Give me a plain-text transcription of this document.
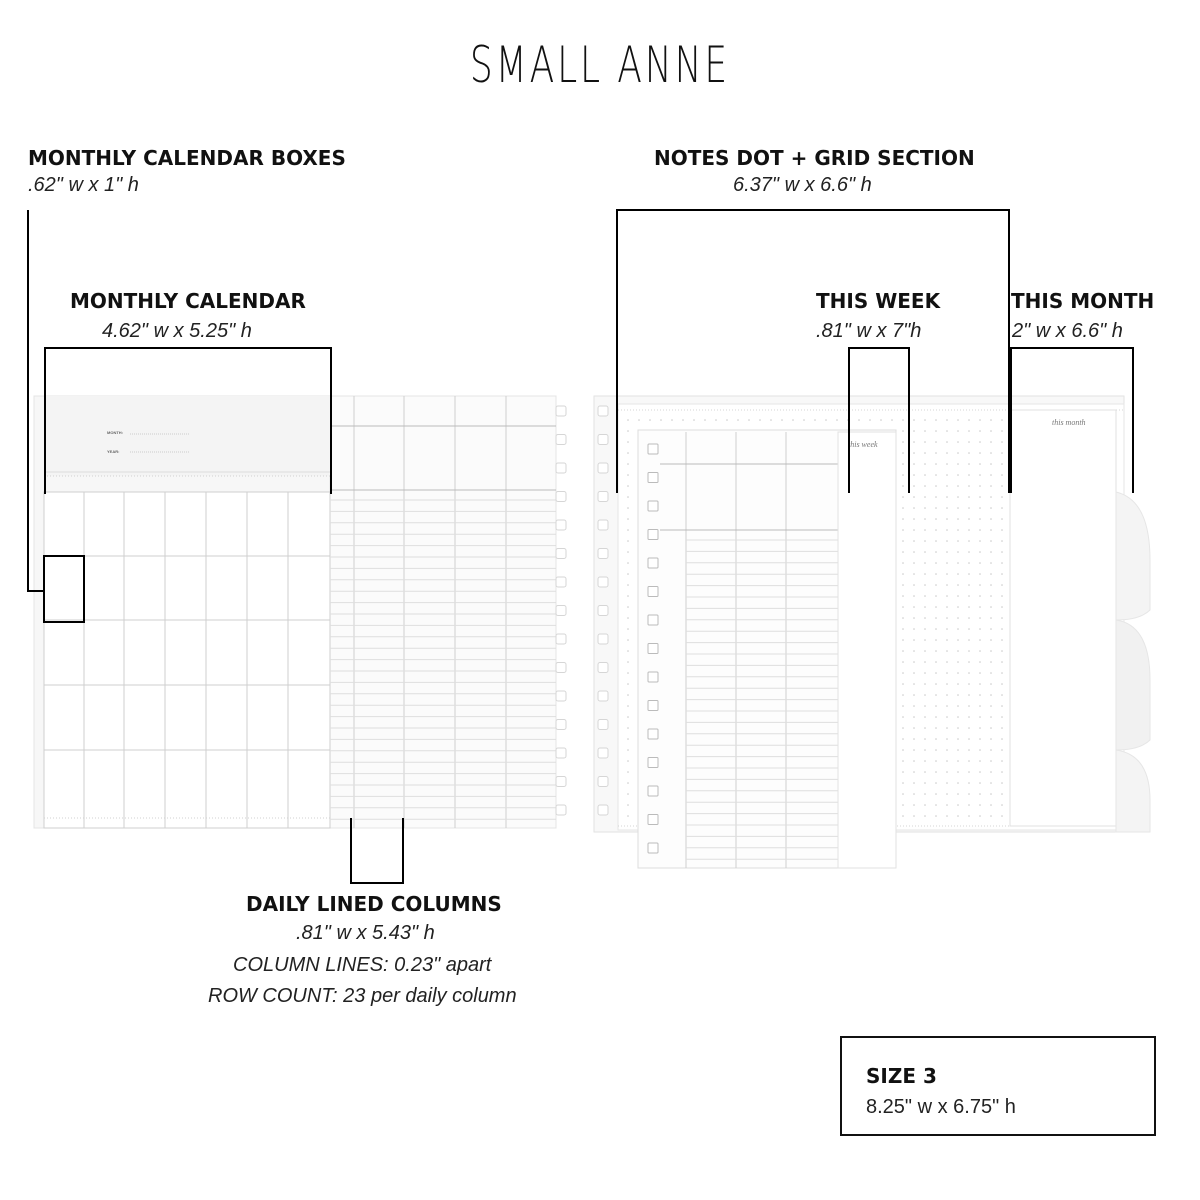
SMALL ANNE
MONTH:
YEAR:
this week
this month
MONTHLY CALENDAR BOXES
.62" w x 1" h
MONTHLY CALENDAR
4.62" w x 5.25" h
NOTES DOT + GRID SECTION
6.37" w x 6.6" h
THIS WEEK
.81" w x 7"h
THIS MONTH
2" w x 6.6" h
DAILY LINED COLUMNS
.81" w x 5.43" h
COLUMN LINES: 0.23" apart
ROW COUNT: 23 per daily column
SIZE 3
8.25" w x 6.75" h
